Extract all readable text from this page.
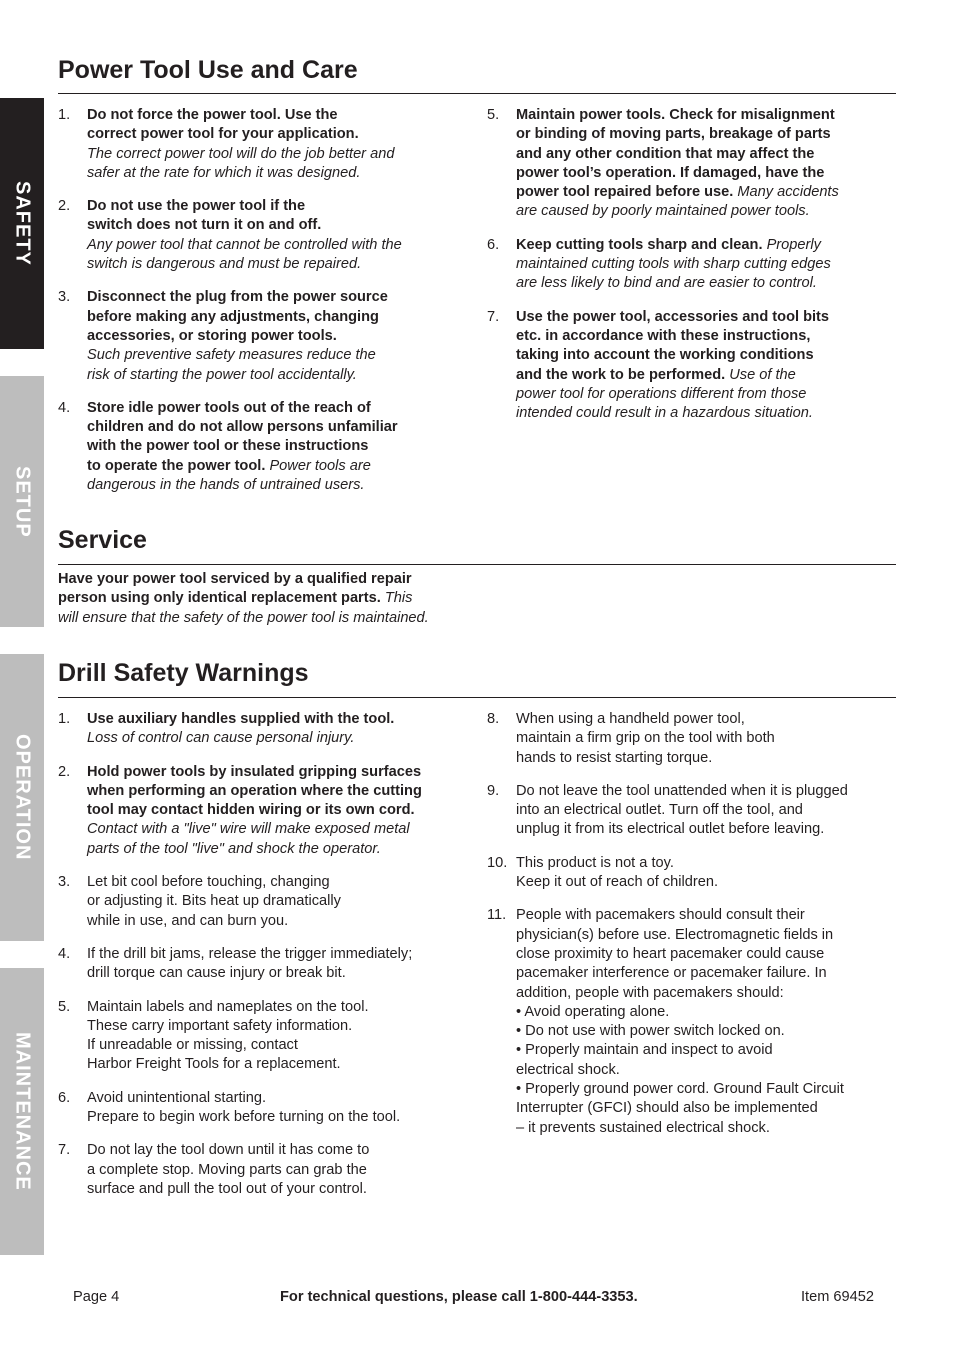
SAFETY
SETUP
OPERATION
MAINTENANCE
Power Tool Use and Care
1.	Do not force the power tool. Use the
correct power tool for your application.
The correct power tool will do the job better and
safer at the rate for which it was designed.
2.	Do not use the power tool if the
switch does not turn it on and off.
Any power tool that cannot be controlled with the
switch is dangerous and must be repaired.
3.	Disconnect the plug from the power source
before making any adjustments, changing
accessories, or storing power tools.
Such preventive safety measures reduce the
risk of starting the power tool accidentally.
4.	Store idle power tools out of the reach of
children and do not allow persons unfamiliar
with the power tool or these instructions
to operate the power tool. Power tools are
dangerous in the hands of untrained users.
5.	Maintain power tools. Check for misalignment
or binding of moving parts, breakage of parts
and any other condition that may affect the
power tool’s operation. If damaged, have the
power tool repaired before use. Many accidents
are caused by poorly maintained power tools.
6.	Keep cutting tools sharp and clean. Properly
maintained cutting tools with sharp cutting edges
are less likely to bind and are easier to control.
7.	Use the power tool, accessories and tool bits
etc. in accordance with these instructions,
taking into account the working conditions
and the work to be performed. Use of the
power tool for operations different from those
intended could result in a hazardous situation.
Service
Have your power tool serviced by a qualified repair
person using only identical replacement parts. This
will ensure that the safety of the power tool is maintained.
Drill Safety Warnings
1.	Use auxiliary handles supplied with the tool.
Loss of control can cause personal injury.
2.	Hold power tools by insulated gripping surfaces
when performing an operation where the cutting
tool may contact hidden wiring or its own cord.
Contact with a "live" wire will make exposed metal
parts of the tool "live" and shock the operator.
3.	Let bit cool before touching, changing
or adjusting it. Bits heat up dramatically
while in use, and can burn you.
4.	If the drill bit jams, release the trigger immediately;
drill torque can cause injury or break bit.
5.	Maintain labels and nameplates on the tool.
These carry important safety information.
If unreadable or missing, contact
Harbor Freight Tools for a replacement.
6.	Avoid unintentional starting.
Prepare to begin work before turning on the tool.
7.	Do not lay the tool down until it has come to
a complete stop. Moving parts can grab the
surface and pull the tool out of your control.
8.	When using a handheld power tool,
maintain a firm grip on the tool with both
hands to resist starting torque.
9.	Do not leave the tool unattended when it is plugged
into an electrical outlet. Turn off the tool, and
unplug it from its electrical outlet before leaving.
10. This product is not a toy.
Keep it out of reach of children.
11. People with pacemakers should consult their
physician(s) before use. Electromagnetic fields in
close proximity to heart pacemaker could cause
pacemaker interference or pacemaker failure. In
addition, people with pacemakers should:
• Avoid operating alone.
• Do not use with power switch locked on.
• Properly maintain and inspect to avoid
electrical shock.
• Properly ground power cord. Ground Fault Circuit
Interrupter (GFCI) should also be implemented
– it prevents sustained electrical shock.
Page 4	For technical questions, please call 1-800-444-3353.	Item 69452
